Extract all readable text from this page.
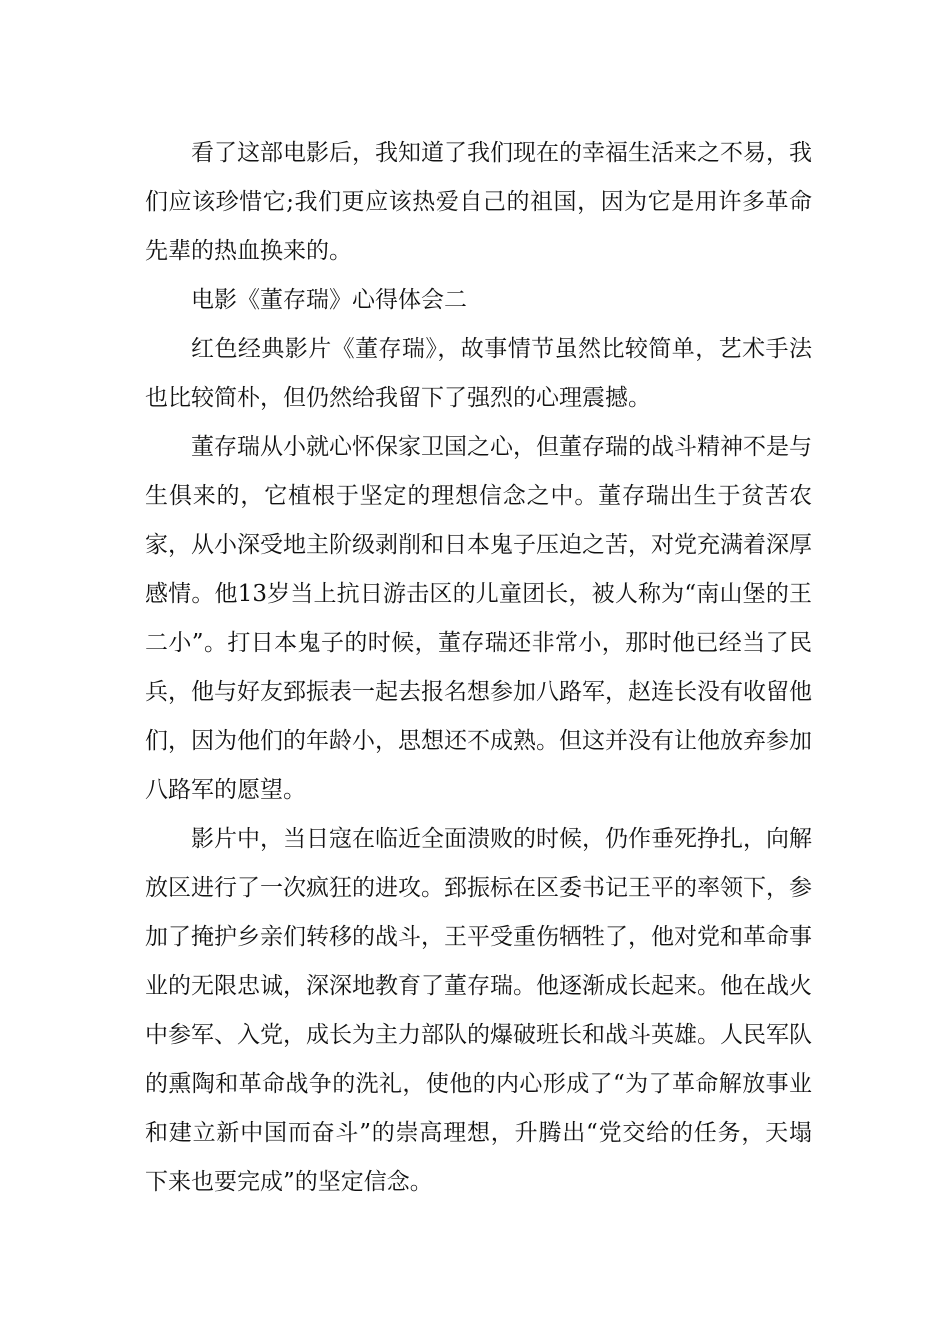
看了这部电影后，我知道了我们现在的幸福生活来之不易，我们应该珍惜它;我们更应该热爱自己的祖国，因为它是用许多革命先辈的热血换来的。

电影《董存瑞》心得体会二

红色经典影片《董存瑞》，故事情节虽然比较简单，艺术手法也比较简朴，但仍然给我留下了强烈的心理震撼。

董存瑞从小就心怀保家卫国之心，但董存瑞的战斗精神不是与生俱来的，它植根于坚定的理想信念之中。董存瑞出生于贫苦农家，从小深受地主阶级剥削和日本鬼子压迫之苦，对党充满着深厚感情。他13岁当上抗日游击区的儿童团长，被人称为“南山堡的王二小”。打日本鬼子的时候，董存瑞还非常小，那时他已经当了民兵，他与好友郅振表一起去报名想参加八路军，赵连长没有收留他们，因为他们的年龄小，思想还不成熟。但这并没有让他放弃参加八路军的愿望。

影片中，当日寇在临近全面溃败的时候，仍作垂死挣扎，向解放区进行了一次疯狂的进攻。郅振标在区委书记王平的率领下，参加了掩护乡亲们转移的战斗，王平受重伤牺牲了，他对党和革命事业的无限忠诚，深深地教育了董存瑞。他逐渐成长起来。他在战火中参军、入党，成长为主力部队的爆破班长和战斗英雄。人民军队的熏陶和革命战争的洗礼，使他的内心形成了“为了革命解放事业和建立新中国而奋斗”的崇高理想，升腾出“党交给的任务，天塌下来也要完成”的坚定信念。
